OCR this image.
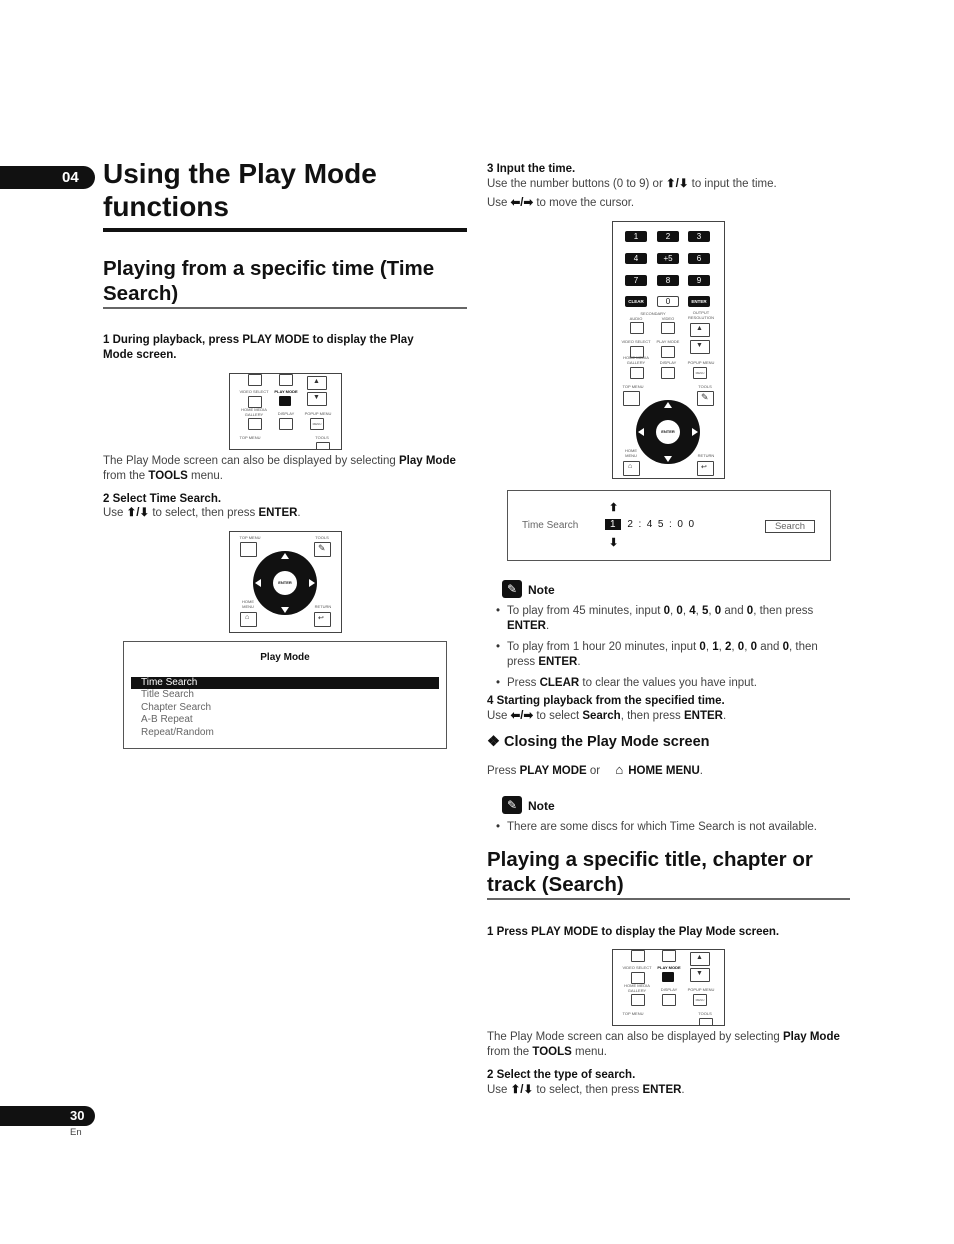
04 Using the Play Mode
functions
Playing from a specific time (Time
Search)
1 During playback, press PLAY MODE to display the Play
Mode screen.
VIDEO SELECT	PLAY MODE
▲
▼
HOME MEDIA
GALLERY	DISPLAY	POPUP MENU
MENU
TOP MENU	TOOLS
The Play Mode screen can also be displayed by selecting Play Mode
from the TOOLS menu.
2 Select Time Search.
Use ⬆/⬇ to select, then press ENTER.
TOP MENU	TOOLS
✎
ENTER
HOME
MENU	RETURN
⌂	↩
Play Mode
Time Search
Title Search
Chapter Search
A-B Repeat
Repeat/Random
3 Input the time.
Use the number buttons (0 to 9) or ⬆/⬇ to input the time.
Use ⬅/➡ to move the cursor.
1	2	3
4	+5	6
7	8	9
CLEAR	0	ENTER
SECONDARY	OUTPUT
RESOLUTION
AUDIO	VIDEO
▲
▼
VIDEO SELECT	PLAY MODE
HOME MEDIA
GALLERY	DISPLAY	POPUP MENU
MENU
TOP MENU	TOOLS
✎
ENTER
HOME
MENU	RETURN
⌂	↩
Time Search
⬆
1 2  :  4  5  :  0  0
⬇
Search
✎ Note
• To play from 45 minutes, input 0, 0, 4, 5, 0 and 0, then press
ENTER.
• To play from 1 hour 20 minutes, input 0, 1, 2, 0, 0 and 0, then
press ENTER.
• Press CLEAR to clear the values you have input.
4 Starting playback from the specified time.
Use ⬅/➡ to select Search, then press ENTER.
❖ Closing the Play Mode screen
Press PLAY MODE or ⌂ HOME MENU.
✎ Note
• There are some discs for which Time Search is not available.
Playing a specific title, chapter or
track (Search)
1 Press PLAY MODE to display the Play Mode screen.
VIDEO SELECT	PLAY MODE
▲
▼
HOME MEDIA
GALLERY	DISPLAY	POPUP MENU
MENU
TOP MENU	TOOLS
The Play Mode screen can also be displayed by selecting Play Mode
from the TOOLS menu.
2 Select the type of search.
Use ⬆/⬇ to select, then press ENTER.
30
En
